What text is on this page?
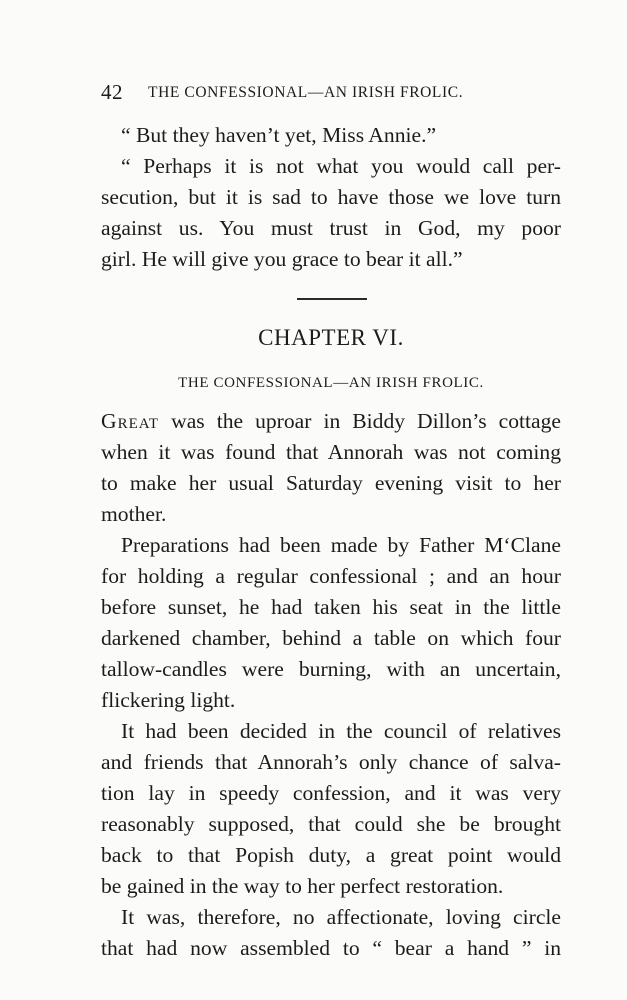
42 THE CONFESSIONAL—AN IRISH FROLIC.
“ But they haven’t yet, Miss Annie.”
“ Perhaps it is not what you would call per-
secution, but it is sad to have those we love turn
against us. You must trust in God, my poor
girl. He will give you grace to bear it all.”
CHAPTER VI.
THE CONFESSIONAL—AN IRISH FROLIC.
Great was the uproar in Biddy Dillon’s cottage
when it was found that Annorah was not coming
to make her usual Saturday evening visit to her
mother.
Preparations had been made by Father M‘Clane
for holding a regular confessional ; and an hour
before sunset, he had taken his seat in the little
darkened chamber, behind a table on which four
tallow-candles were burning, with an uncertain,
flickering light.
It had been decided in the council of relatives
and friends that Annorah’s only chance of salva-
tion lay in speedy confession, and it was very
reasonably supposed, that could she be brought
back to that Popish duty, a great point would
be gained in the way to her perfect restoration.
It was, therefore, no affectionate, loving circle
that had now assembled to “ bear a hand ” in
